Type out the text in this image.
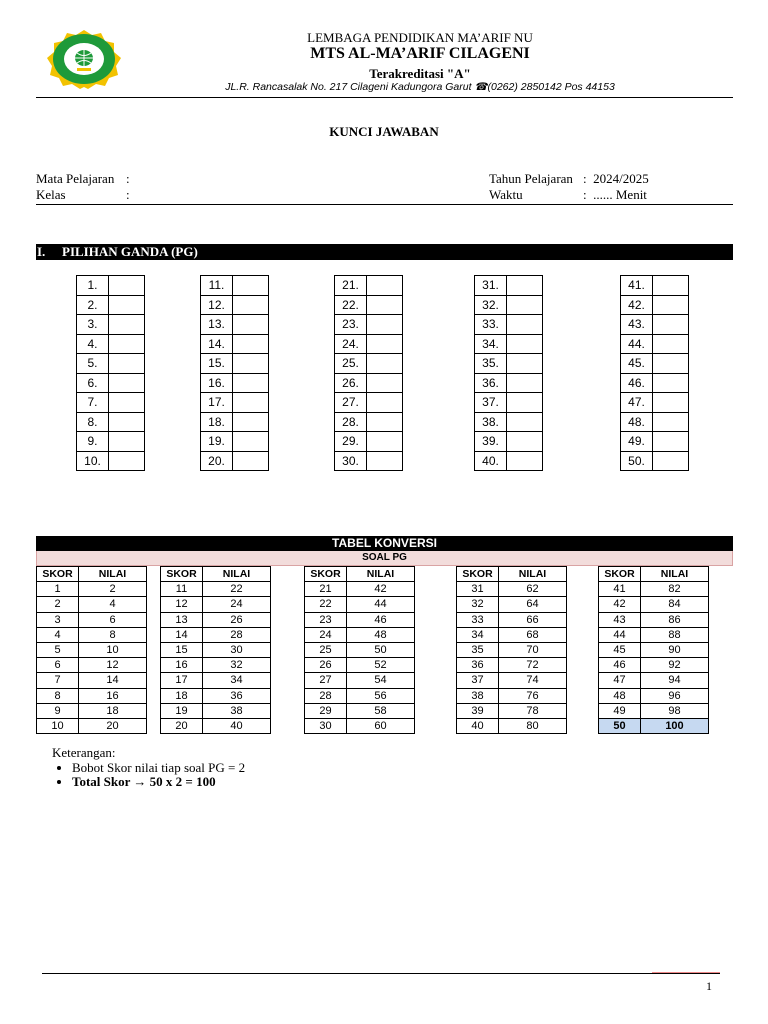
LEMBAGA PENDIDIKAN MA’ARIF NU
MTS AL-MA’ARIF CILAGENI
Terakreditasi "A"
JL.R. Rancasalak No. 217 Cilageni Kadungora Garut ☎(0262) 2850142 Pos 44153
KUNCI JAWABAN
Mata Pelajaran :
Kelas	:
Tahun Pelajaran :  2024/2025
Waktu	:  ...... Menit
I. PILIHAN GANDA (PG)
1.	
2.	
3.	
4.	
5.	
6.	
7.	
8.	
9.	
10.	
11.	
12.	
13.	
14.	
15.	
16.	
17.	
18.	
19.	
20.	
21.	
22.	
23.	
24.	
25.	
26.	
27.	
28.	
29.	
30.	
31.	
32.	
33.	
34.	
35.	
36.	
37.	
38.	
39.	
40.	
41.	
42.	
43.	
44.	
45.	
46.	
47.	
48.	
49.	
50.	
TABEL KONVERSI
SOAL PG
SKOR	NILAI
1	2
2	4
3	6
4	8
5	10
6	12
7	14
8	16
9	18
10	20
SKOR	NILAI
11	22
12	24
13	26
14	28
15	30
16	32
17	34
18	36
19	38
20	40
SKOR	NILAI
21	42
22	44
23	46
24	48
25	50
26	52
27	54
28	56
29	58
30	60
SKOR	NILAI
31	62
32	64
33	66
34	68
35	70
36	72
37	74
38	76
39	78
40	80
SKOR	NILAI
41	82
42	84
43	86
44	88
45	90
46	92
47	94
48	96
49	98
50	100
Keterangan:
• Bobot Skor nilai tiap soal PG = 2
• Total Skor → 50 x 2 = 100
1
